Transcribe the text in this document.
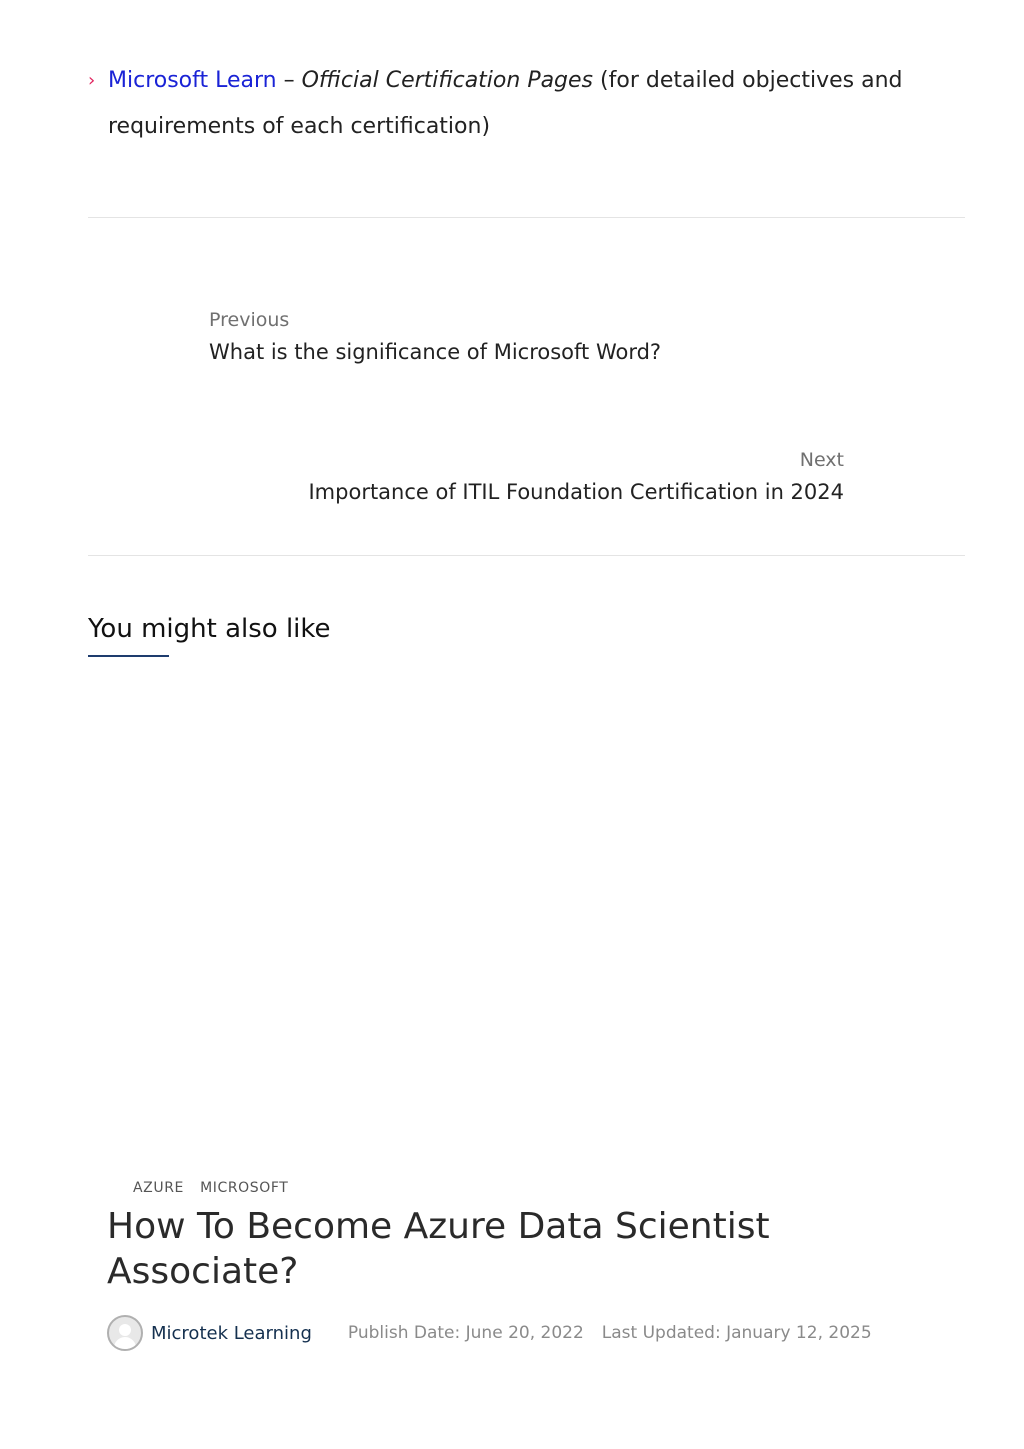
› Microsoft Learn – Official Certification Pages (for detailed objectives and requirements of each certification)
Previous
What is the significance of Microsoft Word?
Next
Importance of ITIL Foundation Certification in 2024
You might also like
AZURE MICROSOFT
How To Become Azure Data Scientist Associate?
Microtek Learning Publish Date: June 20, 2022 Last Updated: January 12, 2025
